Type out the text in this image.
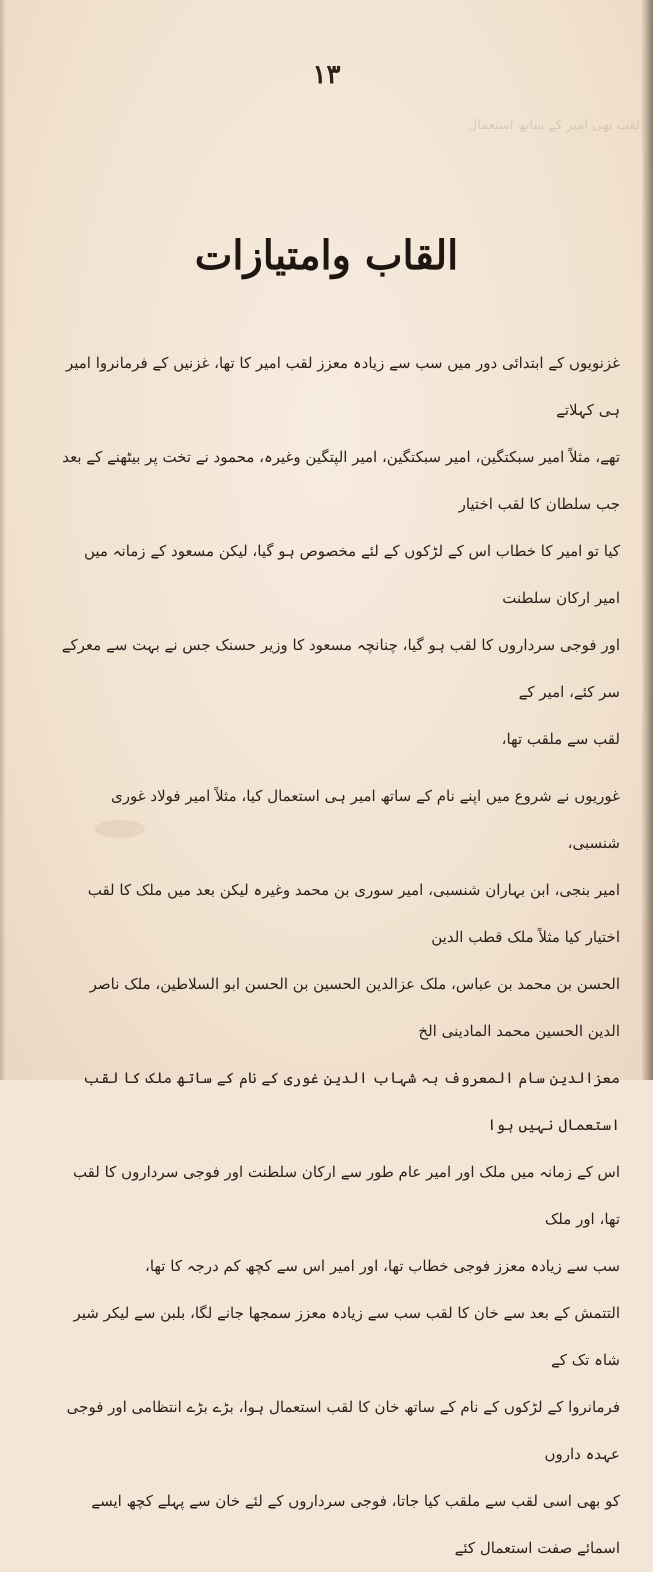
۱۳
لقب بھی امیر کے ساتھ استعمال
القاب وامتیازات

غزنویوں کے ابتدائی دور میں سب سے زیادہ معزز لقب امیر کا تھا، غزنیں کے فرمانروا امیر ہی کہلاتے

تھے، مثلاً امیر سبکتگین، امیر سبکتگین، امیر الپتگین وغیرہ، محمود نے تخت پر بیٹھنے کے بعد جب سلطان کا لقب اختیار

کیا تو امیر کا خطاب اس کے لڑکوں کے لئے مخصوص ہو گیا، لیکن مسعود کے زمانہ میں امیر ارکان سلطنت

اور فوجی سرداروں کا لقب ہو گیا، چنانچہ مسعود کا وزیر حسنک جس نے بہت سے معرکے سر کئے، امیر کے

لقب سے ملقب تھا،

غوریوں نے شروع میں اپنے نام کے ساتھ امیر ہی استعمال کیا، مثلاً امیر فولاد غوری شنسبی،

امیر بنجی، ابن بہاران شنسبی، امیر سوری بن محمد وغیرہ لیکن بعد میں ملک کا لقب اختیار کیا مثلاً ملک قطب الدین

الحسن بن محمد بن عباس، ملک عزالدین الحسین بن الحسن ابو السلاطین، ملک ناصر الدین الحسین محمد المادینی الخ

معزالدین سام المعروف بہ شہاب الدین غوری کے نام کے ساتھ ملک کا لقب استعمال نہیں ہوا

اس کے زمانہ میں ملک اور امیر عام طور سے ارکان سلطنت اور فوجی سرداروں کا لقب تھا، اور ملک

سب سے زیادہ معزز فوجی خطاب تھا، اور امیر اس سے کچھ کم درجہ کا تھا،

التتمش کے بعد سے خان کا لقب سب سے زیادہ معزز سمجھا جانے لگا، بلبن سے لیکر شیر شاہ تک کے

فرمانروا کے لڑکوں کے نام کے ساتھ خان کا لقب استعمال ہوا، بڑے بڑے انتظامی اور فوجی عہدہ داروں

کو بھی اسی لقب سے ملقب کیا جاتا، فوجی سرداروں کے لئے خان سے پہلے کچھ ایسے اسمائے صفت استعمال کئے
